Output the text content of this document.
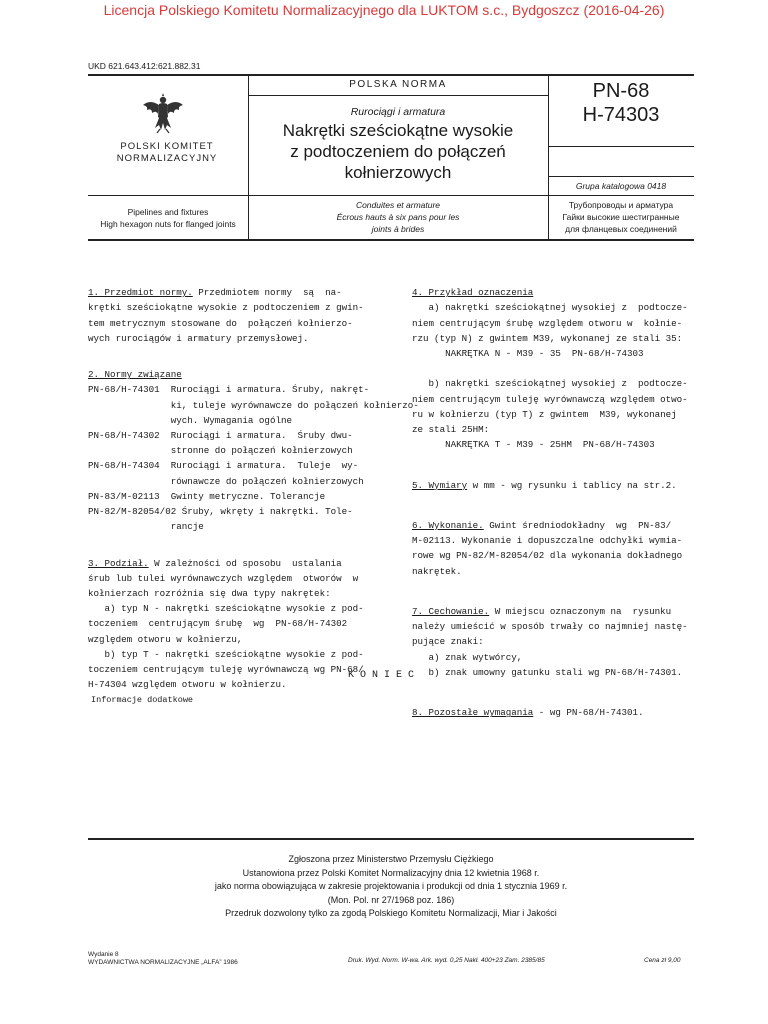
Licencja Polskiego Komitetu Normalizacyjnego dla LUKTOM s.c., Bydgoszcz (2016-04-26)
UKD 621.643.412:621.882.31
POLSKI KOMITET
NORMALIZACYJNY
POLSKA NORMA
Rurociągi i armatura
Nakrętki sześciokątne wysokie
z podtoczeniem do połączeń
kołnierzowych
PN-68
H-74303
Grupa katalogowa 0418
Pipelines and fixtures
High hexagon nuts for flanged joints
Conduites et armature
Écrous hauts à six pans pour les
joints à brides
Трубопроводы и арматура
Гайки высокие шестигранные
для фланцевых соединений

1. Przedmiot normy. Przedmiotem normy  są  na-

krętki sześciokątne wysokie z podtoczeniem z gwin-
tem metrycznym stosowane do  połączeń kołnierzo-
wych rurociągów i armatury przemysłowej.

2. Normy związane
PN-68/H-74301  Rurociągi i armatura. Śruby, nakręt-
ki, tuleje wyrównawcze do połączeń kołnierzo-
wych. Wymagania ogólne
PN-68/H-74302  Rurociągi i armatura.  Śruby dwu-
stronne do połączeń kołnierzowych
PN-68/H-74304  Rurociągi i armatura.  Tuleje  wy-
równawcze do połączeń kołnierzowych
PN-83/M-02113  Gwinty metryczne. Tolerancje
PN-82/M-82054/02 Śruby, wkręty i nakrętki. Tole-
rancje

3. Podział. W zależności od sposobu  ustalania

śrub lub tulei wyrównawczych względem  otworów  w
kołnierzach rozróżnia się dwa typy nakrętek:
a) typ N - nakrętki sześciokątne wysokie z pod-
toczeniem  centrującym śrubę  wg  PN-68/H-74302
względem otworu w kołnierzu,
b) typ T - nakrętki sześciokątne wysokie z pod-
toczeniem centrującym tuleję wyrównawczą wg PN-68/
H-74304 względem otworu w kołnierzu.

4. Przykład oznaczenia
a) nakrętki sześciokątnej wysokiej z  podtocze-
niem centrującym śrubę względem otworu w  kołnie-
rzu (typ N) z gwintem M39, wykonanej ze stali 35:
NAKRĘTKA N - M39 - 35  PN-68/H-74303
b) nakrętki sześciokątnej wysokiej z  podtocze-
niem centrującym tuleję wyrównawczą względem otwo-
ru w kołnierzu (typ T) z gwintem  M39, wykonanej
ze stali 25HM:
NAKRĘTKA T - M39 - 25HM  PN-68/H-74303

5. Wymiary w mm - wg rysunku i tablicy na str.2.

6. Wykonanie. Gwint średniodokładny  wg  PN-83/

M-02113. Wykonanie i dopuszczalne odchyłki wymia-
rowe wg PN-82/M-82054/02 dla wykonania dokładnego
nakrętek.

7. Cechowanie. W miejscu oznaczonym na  rysunku

należy umieścić w sposób trwały co najmniej nastę-
pujące znaki:
a) znak wytwórcy,
b) znak umowny gatunku stali wg PN-68/H-74301.

8. Pozostałe wymagania - wg PN-68/H-74301.

KONIEC
Informacje dodatkowe
Zgłoszona przez Ministerstwo Przemysłu Ciężkiego
Ustanowiona przez Polski Komitet Normalizacyjny dnia 12 kwietnia 1968 r.
jako norma obowiązująca w zakresie projektowania i produkcji od dnia 1 stycznia 1969 r.
(Mon. Pol. nr 27/1968 poz. 186)
Przedruk dozwolony tylko za zgodą Polskiego Komitetu Normalizacji, Miar i Jakości
Wydanie 8
WYDAWNICTWA NORMALIZACYJNE „ALFA” 1986	Druk. Wyd. Norm. W-wa. Ark. wyd. 0,25 Nakł. 400+23 Zam. 2385/85	Cena zł 9,00
